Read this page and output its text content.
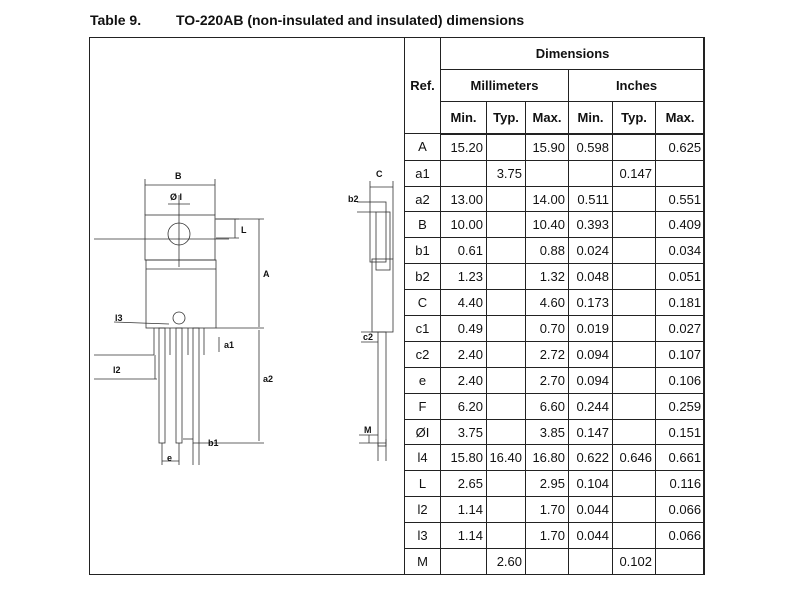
Table 9. TO-220AB (non-insulated and insulated) dimensions
B
Ø I
L
A
l3
a1
l2
a2
e
b1
C
b2
c2
M
Ref.	Dimensions					
	Millimeters			Inches		
	Min.	Typ.	Max.	Min.	Typ.	Max.
A	15.20		15.90	0.598		0.625
a1		3.75			0.147	
a2	13.00		14.00	0.511		0.551
B	10.00		10.40	0.393		0.409
b1	0.61		0.88	0.024		0.034
b2	1.23		1.32	0.048		0.051
C	4.40		4.60	0.173		0.181
c1	0.49		0.70	0.019		0.027
c2	2.40		2.72	0.094		0.107
e	2.40		2.70	0.094		0.106
F	6.20		6.60	0.244		0.259
ØI	3.75		3.85	0.147		0.151
l4	15.80	16.40	16.80	0.622	0.646	0.661
L	2.65		2.95	0.104		0.116
l2	1.14		1.70	0.044		0.066
l3	1.14		1.70	0.044		0.066
M		2.60			0.102	
